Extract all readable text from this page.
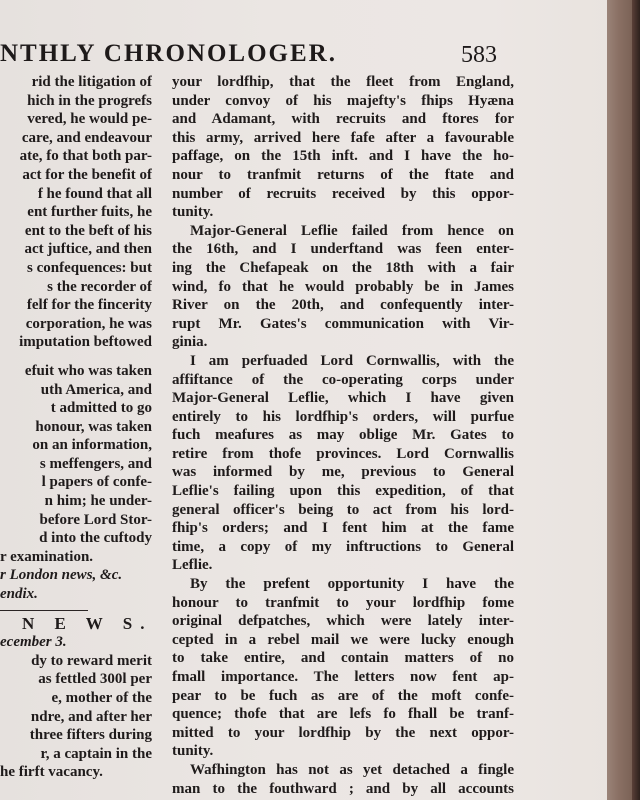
NTHLY CHRONOLOGER.	583
rid the litigation of
hich in the progrefs
vered, he would pe-
care, and endeavour
ate, fo that both par-
act for the benefit of
f he found that all
ent further fuits, he
ent to the beft of his
act juftice, and then
s confequences: but
s the recorder of
felf for the fincerity
corporation, he was
imputation beftowed
efuit who was taken
uth America, and
t admitted to go
honour, was taken
on an information,
s meffengers, and
l papers of confe-
n him; he under-
before Lord Stor-
d into the cuftody
r examination.
r London news, &c.
endix.
N E W S.
ecember 3.
dy to reward merit
as fettled 300l per
e, mother of the
ndre, and after her
three fifters during
r, a captain in the
he firft vacancy.
your lordfhip, that the fleet from England,
under convoy of his majefty's fhips Hyæna
and Adamant, with recruits and ftores for
this army, arrived here fafe after a favourable
paffage, on the 15th inft. and I have the ho-
nour to tranfmit returns of the ftate and
number of recruits received by this oppor-
tunity.
Major-General Leflie failed from hence on
the 16th, and I underftand was feen enter-
ing the Chefapeak on the 18th with a fair
wind, fo that he would probably be in James
River on the 20th, and confequently inter-
rupt Mr. Gates's communication with Vir-
ginia.
I am perfuaded Lord Cornwallis, with the
affiftance of the co-operating corps under
Major-General Leflie, which I have given
entirely to his lordfhip's orders, will purfue
fuch meafures as may oblige Mr. Gates to
retire from thofe provinces. Lord Cornwallis
was informed by me, previous to General
Leflie's failing upon this expedition, of that
general officer's being to act from his lord-
fhip's orders; and I fent him at the fame
time, a copy of my inftructions to General
Leflie.
By the prefent opportunity I have the
honour to tranfmit to your lordfhip fome
original defpatches, which were lately inter-
cepted in a rebel mail we were lucky enough
to take entire, and contain matters of no
fmall importance. The letters now fent ap-
pear to be fuch as are of the moft confe-
quence; thofe that are lefs fo fhall be tranf-
mitted to your lordfhip by the next oppor-
tunity.
Wafhington has not as yet detached a fingle
man to the fouthward ; and by all accounts
